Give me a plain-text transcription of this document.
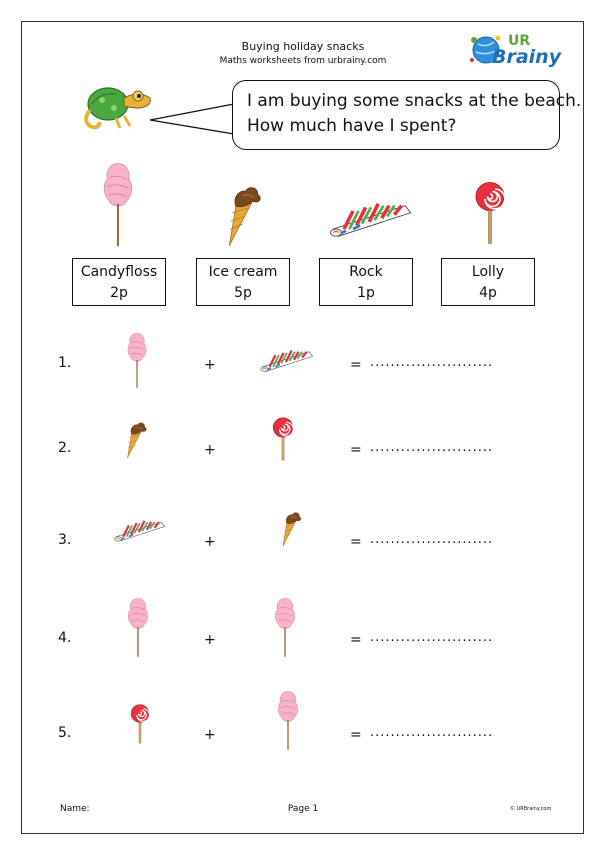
Buying holiday snacks
Maths worksheets from urbrainy.com
UR
Brainy
I am buying some snacks at the beach.
How much have I spent?
Candyfloss
2p
Ice cream
5p
Rock
1p
Lolly
4p
1.	+	= ........................
2.	+	= ........................
3.	+	= ........................
4.	+	= ........................
5.	+	= ........................
Name:	Page 1	© URBrainy.com
